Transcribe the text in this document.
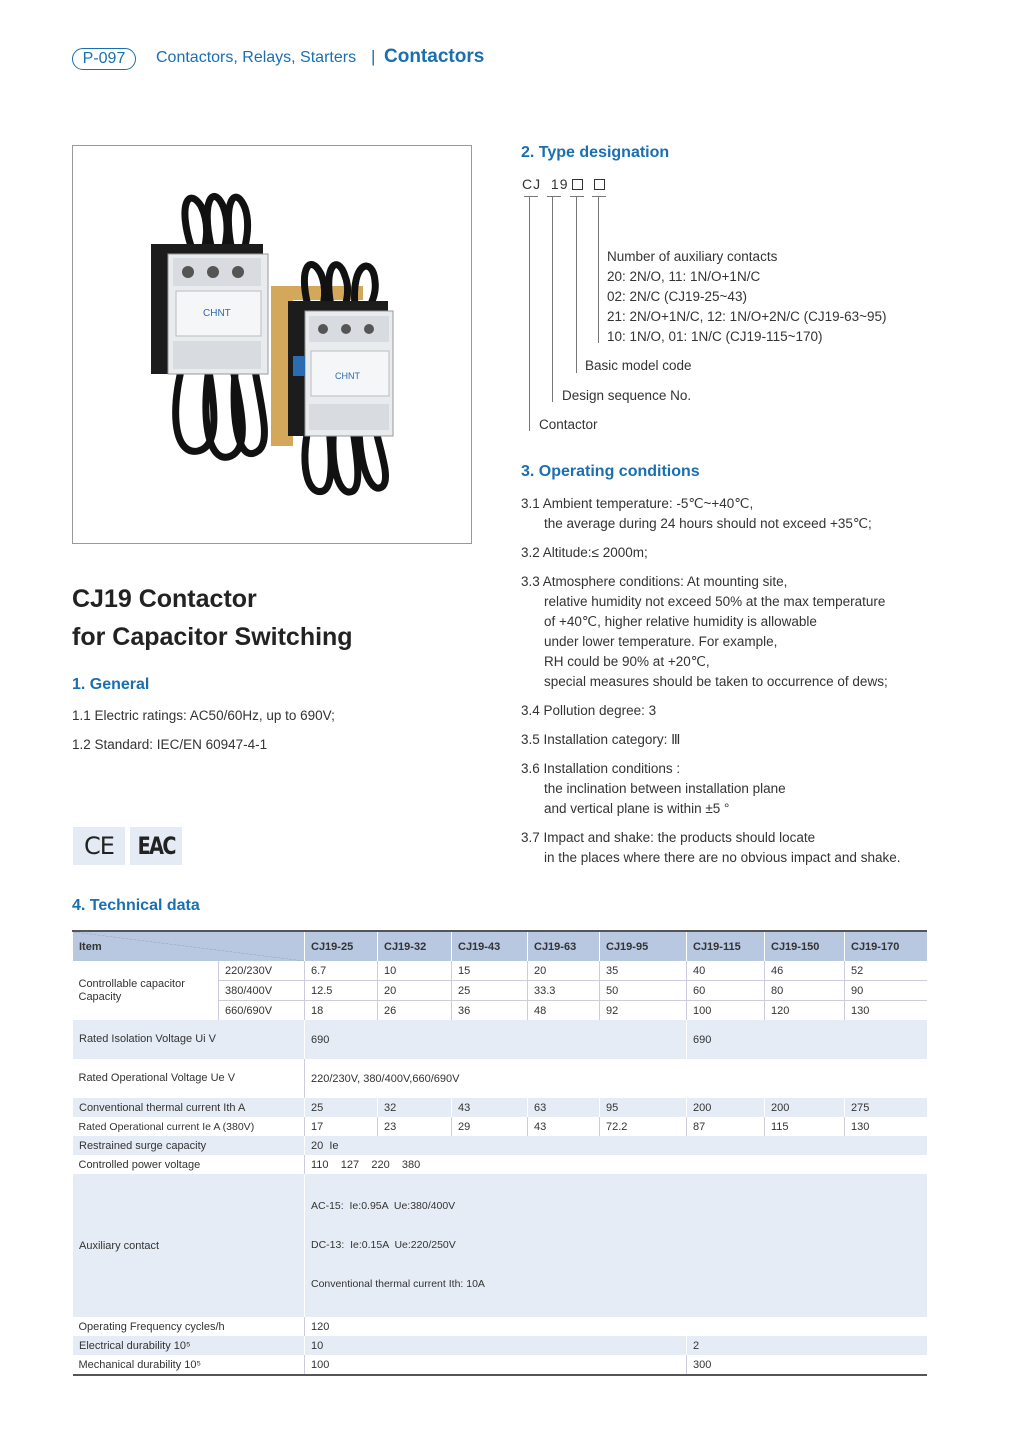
P-097	Contactors, Relays, Starters | Contactors
CHNT
CHNT
CJ19 Contactor
for Capacitor Switching
1. General
1.1 Electric ratings: AC50/60Hz, up to 690V;
1.2 Standard: IEC/EN 60947-4-1
CE EAC
2. Type designation
CJ 19
Number of auxiliary contacts
20: 2N/O, 11: 1N/O+1N/C
02: 2N/C (CJ19-25~43)
21: 2N/O+1N/C, 12: 1N/O+2N/C (CJ19-63~95)
10: 1N/O, 01: 1N/C (CJ19-115~170)
Basic model code
Design sequence No.
Contactor
3. Operating conditions
3.1 Ambient temperature: -5℃~+40℃,
the average during 24 hours should not exceed +35℃;
3.2 Altitude:≤ 2000m;
3.3 Atmosphere conditions: At mounting site,
relative humidity not exceed 50% at the max temperature
of +40℃, higher relative humidity is allowable
under lower temperature. For example,
RH could be 90% at +20℃,
special measures should be taken to occurrence of dews;
3.4 Pollution degree: 3
3.5 Installation category: Ⅲ
3.6 Installation conditions :
the inclination between installation plane
and vertical plane is within ±5 °
3.7 Impact and shake: the products should locate
in the places where there are no obvious impact and shake.
4. Technical data
Item		CJ19-25	CJ19-32	CJ19-43	CJ19-63	CJ19-95	CJ19-115	CJ19-150	CJ19-170
Controllable capacitor Capacity	220/230V	6.7	10	15	20	35	40	46	52
	380/400V	12.5	20	25	33.3	50	60	80	90
	660/690V	18	26	36	48	92	100	120	130
Rated Isolation Voltage Ui V		690					690		
Rated Operational Voltage Ue V		220/230V, 380/400V,660/690V							
Conventional thermal current Ith A		25	32	43	63	95	200	200	275
Rated Operational current Ie A (380V)		17	23	29	43	72.2	87	115	130
Restrained surge capacity		20  Ie							
Controlled power voltage		110    127    220    380							
Auxiliary contact		AC-15:  Ie:0.95A  Ue:380/400V

DC-13:  Ie:0.15A  Ue:220/250V

Conventional thermal current Ith: 10A							

Operating Frequency cycles/h		120							
Electrical durability 10⁵		10					2		
Mechanical durability 10⁵		100					300		
